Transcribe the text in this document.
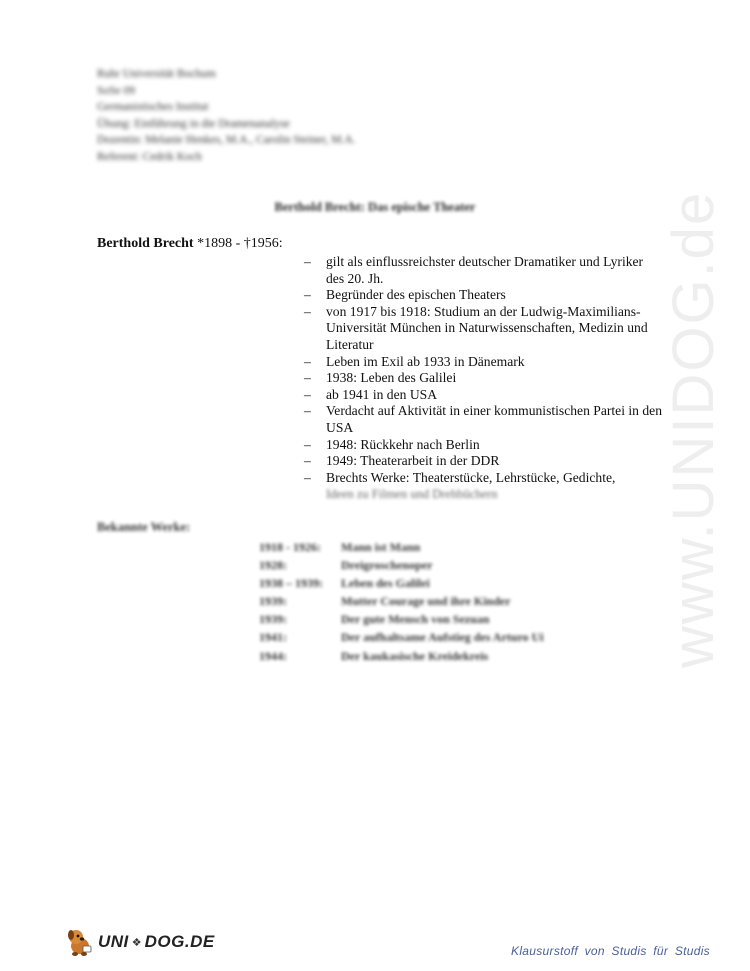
Ruhr Universität Bochum
SoSe 09
Germanistisches Institut
Übung: Einführung in die Dramenanalyse
Dozentin: Melanie Henkes, M.A., Carolin Steiner, M.A.
Referent: Cedrik Koch
Berthold Brecht: Das epische Theater
Berthold Brecht *1898 - †1956:
–	gilt als einflussreichster deutscher Dramatiker und Lyriker des 20. Jh.
–	Begründer des epischen Theaters
–	von 1917 bis 1918: Studium an der Ludwig-Maximilians-Universität München in Naturwissenschaften, Medizin und Literatur
–	Leben im Exil ab 1933 in Dänemark
–	1938: Leben des Galilei
–	ab 1941 in den USA
–	Verdacht auf Aktivität in einer kommunistischen Partei in den USA
–	1948: Rückkehr nach Berlin
–	1949: Theaterarbeit in der DDR
–	Brechts Werke: Theaterstücke, Lehrstücke, Gedichte,
Ideen zu Filmen und Drehbüchern
Bekannte Werke:
1918 - 1926:	Mann ist Mann
1928:	Dreigroschenoper
1938 – 1939:	Leben des Galilei
1939:	Mutter Courage und ihre Kinder
1939:	Der gute Mensch von Sezuan
1941:	Der aufhaltsame Aufstieg des Arturo Ui
1944:	Der kaukasische Kreidekreis	www.UNIDOG.de
UNI ❖ DOG.DE	Klausurstoff von Studis für Studis
